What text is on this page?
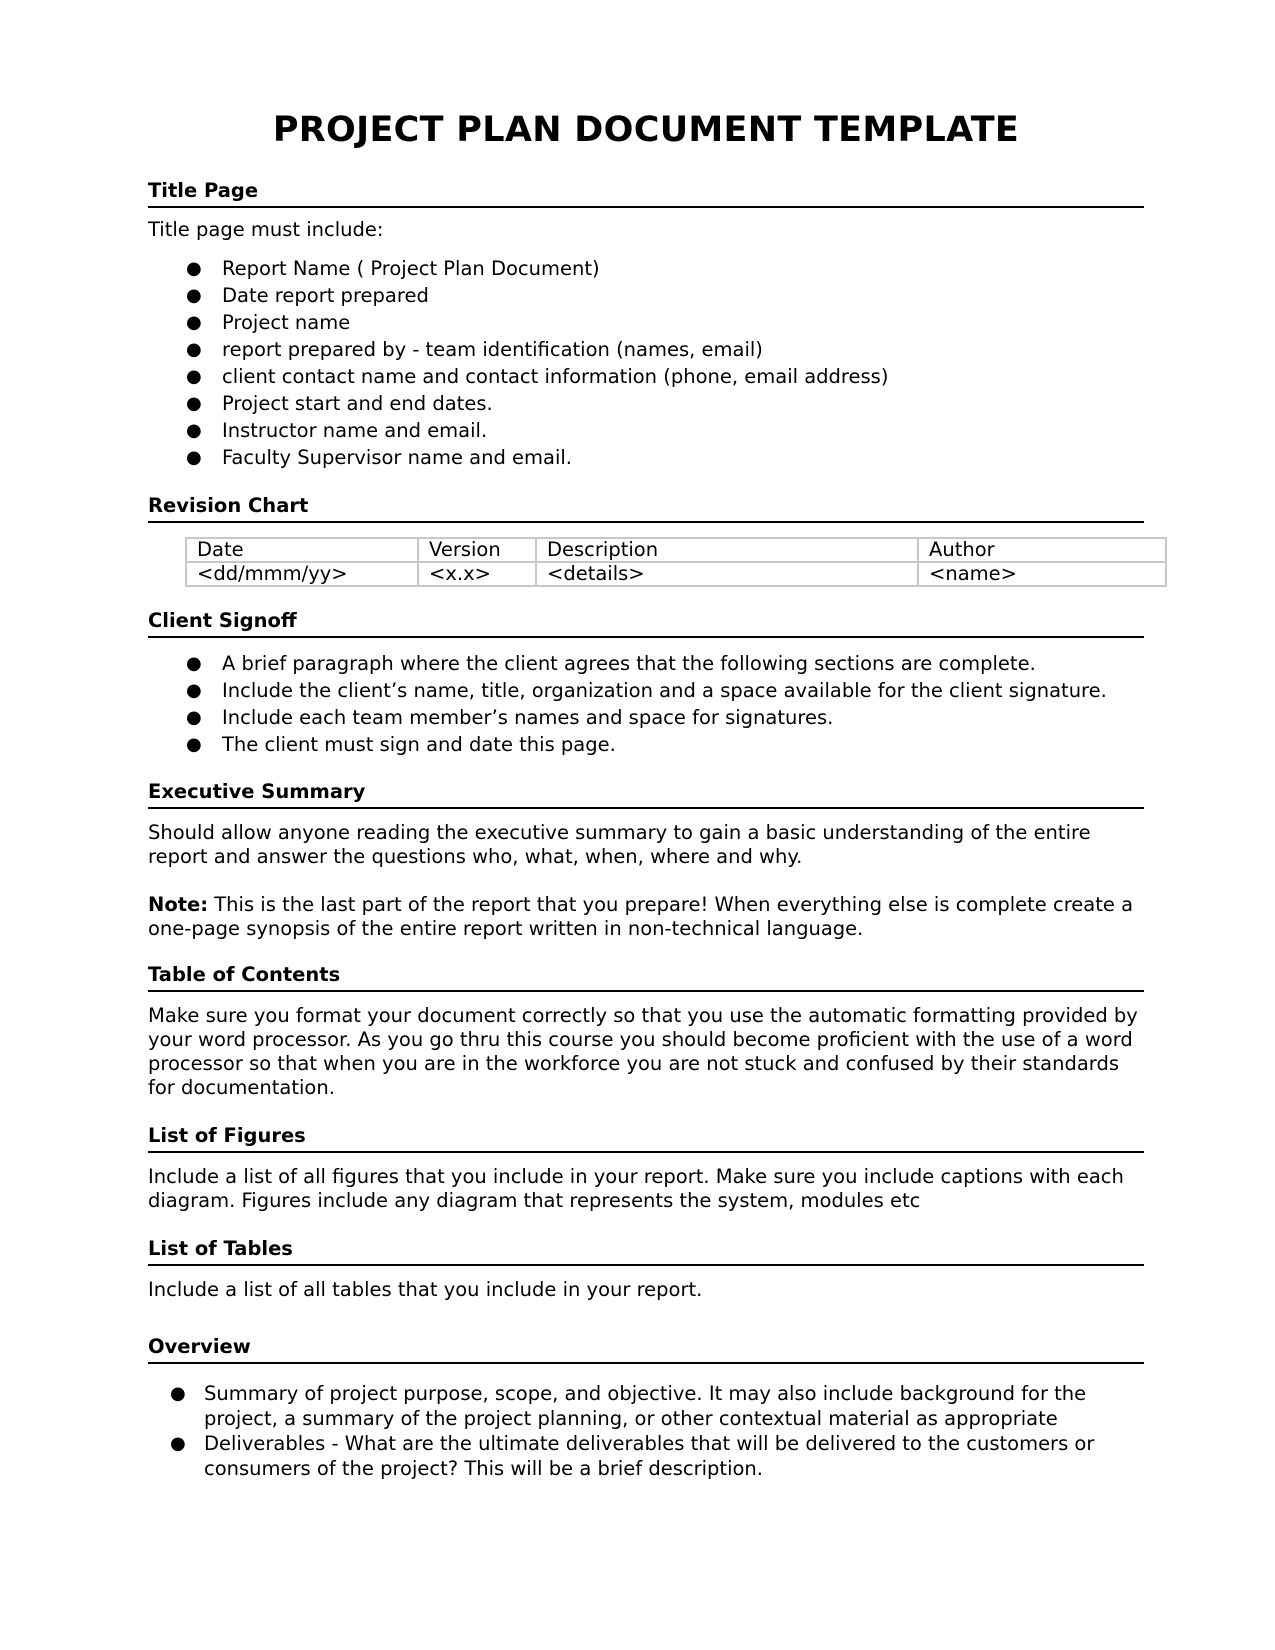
PROJECT PLAN DOCUMENT TEMPLATE
Title Page

Title page must include:

● Report Name ( Project Plan Document)
● Date report prepared
● Project name
● report prepared by - team identification (names, email)
● client contact name and contact information (phone, email address)
● Project start and end dates.
● Instructor name and email.
● Faculty Supervisor name and email.
Revision Chart
Date	Version	Description	Author
<dd/mmm/yy>	<x.x>	<details>	<name>
Client Signoff
● A brief paragraph where the client agrees that the following sections are complete.
● Include the client’s name, title, organization and a space available for the client signature.
● Include each team member’s names and space for signatures.
● The client must sign and date this page.
Executive Summary

Should allow anyone reading the executive summary to gain a basic understanding of the entire report and answer the questions who, what, when, where and why.

Note: This is the last part of the report that you prepare! When everything else is complete create a one-page synopsis of the entire report written in non-technical language.

Table of Contents

Make sure you format your document correctly so that you use the automatic formatting provided by your word processor. As you go thru this course you should become proficient with the use of a word processor so that when you are in the workforce you are not stuck and confused by their standards for documentation.

List of Figures

Include a list of all figures that you include in your report. Make sure you include captions with each diagram. Figures include any diagram that represents the system, modules etc

List of Tables

Include a list of all tables that you include in your report.

Overview
● Summary of project purpose, scope, and objective. It may also include background for the project, a summary of the project planning, or other contextual material as appropriate
● Deliverables - What are the ultimate deliverables that will be delivered to the customers or consumers of the project? This will be a brief description.
